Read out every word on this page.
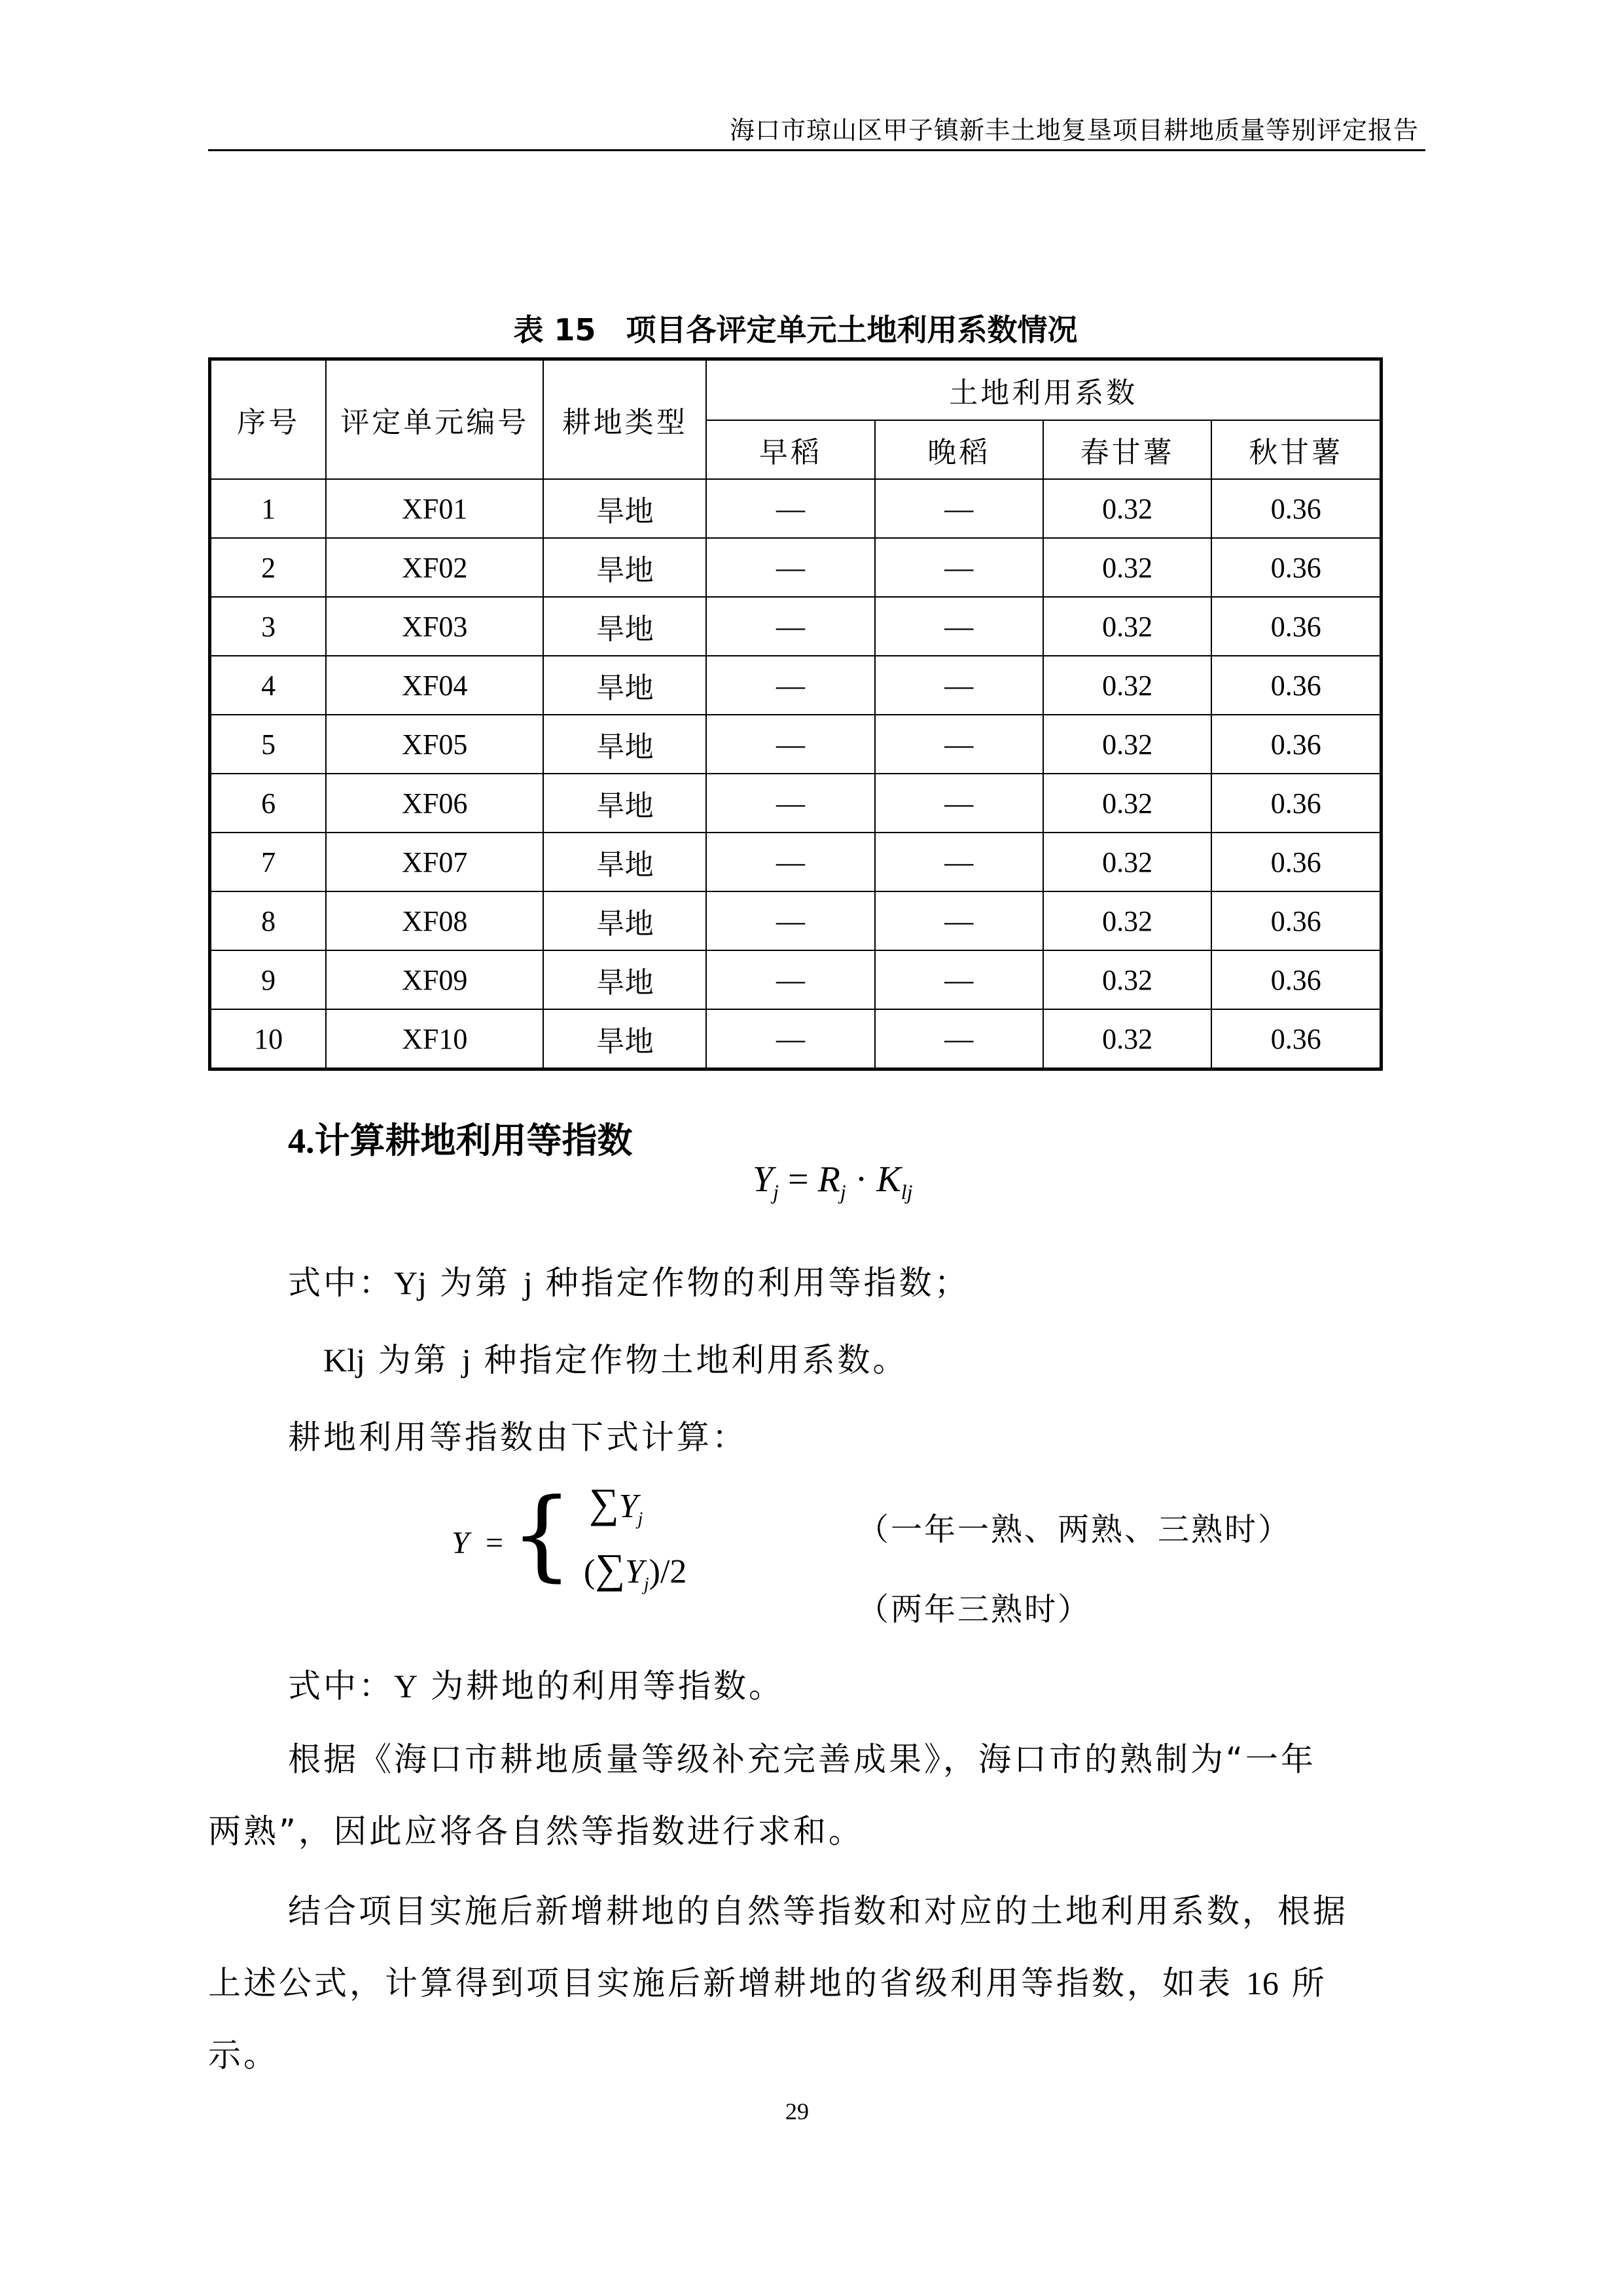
海口市琼山区甲子镇新丰土地复垦项目耕地质量等别评定报告
表 15　项目各评定单元土地利用系数情况
序号	评定单元编号	耕地类型	土地利用系数			
			早稻	晚稻	春甘薯	秋甘薯
1	XF01	旱地	—	—	0.32	0.36
2	XF02	旱地	—	—	0.32	0.36
3	XF03	旱地	—	—	0.32	0.36
4	XF04	旱地	—	—	0.32	0.36
5	XF05	旱地	—	—	0.32	0.36
6	XF06	旱地	—	—	0.32	0.36
7	XF07	旱地	—	—	0.32	0.36
8	XF08	旱地	—	—	0.32	0.36
9	XF09	旱地	—	—	0.32	0.36
10	XF10	旱地	—	—	0.32	0.36
4.计算耕地利用等指数
$Y_j = R_j \cdot K_{lj}$
式中：Yj 为第 j 种指定作物的利用等指数；
Klj 为第 j 种指定作物土地利用系数。
耕地利用等指数由下式计算：
Y = { $\sum Y_j$
$(\sum Y_j)/2$
（一年一熟、两熟、三熟时）
（两年三熟时）
式中：Y 为耕地的利用等指数。
根据《海口市耕地质量等级补充完善成果》，海口市的熟制为“一年
两熟”，因此应将各自然等指数进行求和。
结合项目实施后新增耕地的自然等指数和对应的土地利用系数，根据
上述公式，计算得到项目实施后新增耕地的省级利用等指数，如表 16 所
示。
29
